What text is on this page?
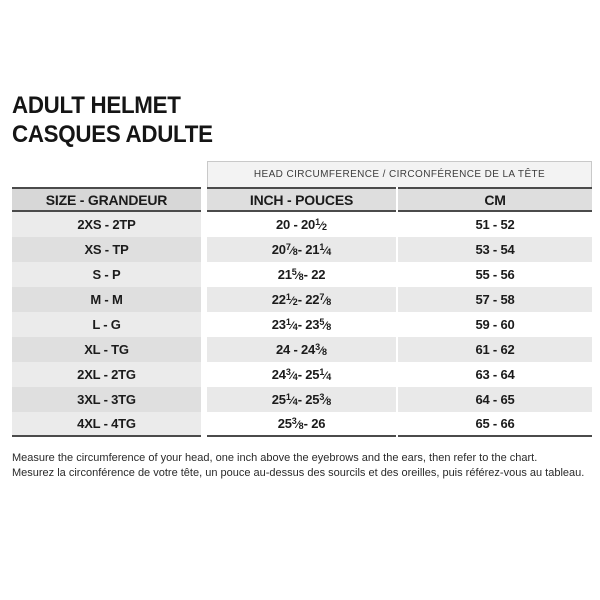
ADULT HELMET
CASQUES ADULTE
HEAD CIRCUMFERENCE / CIRCONFÉRENCE DE LA TÊTE
SIZE - GRANDEUR	INCH - POUCES	CM
2XS - 2TP	20 - 20 $^1⁄_2$	51 - 52
XS - TP	20 $^7⁄_8 - 21$ $^1⁄_4$	53 - 54
S - P	21 $^5⁄_8 - 22$	55 - 56
M - M	22 $^1⁄_2 - 22$ $^7⁄_8$	57 - 58
L - G	23 $^1⁄_4 - 23$ $^5⁄_8$	59 - 60
XL - TG	24 - 24 $^3⁄_8$	61 - 62
2XL - 2TG	24 $^3⁄_4 - 25$ $^1⁄_4$	63 - 64
3XL - 3TG	25 $^1⁄_4 - 25$ $^3⁄_8$	64 - 65
4XL - 4TG	25 $^3⁄_8 - 26$	65 - 66
Measure the circumference of your head, one inch above the eyebrows and the ears, then refer to the chart.
Mesurez la circonférence de votre tête, un pouce au-dessus des sourcils et des oreilles, puis référez-vous au tableau.
